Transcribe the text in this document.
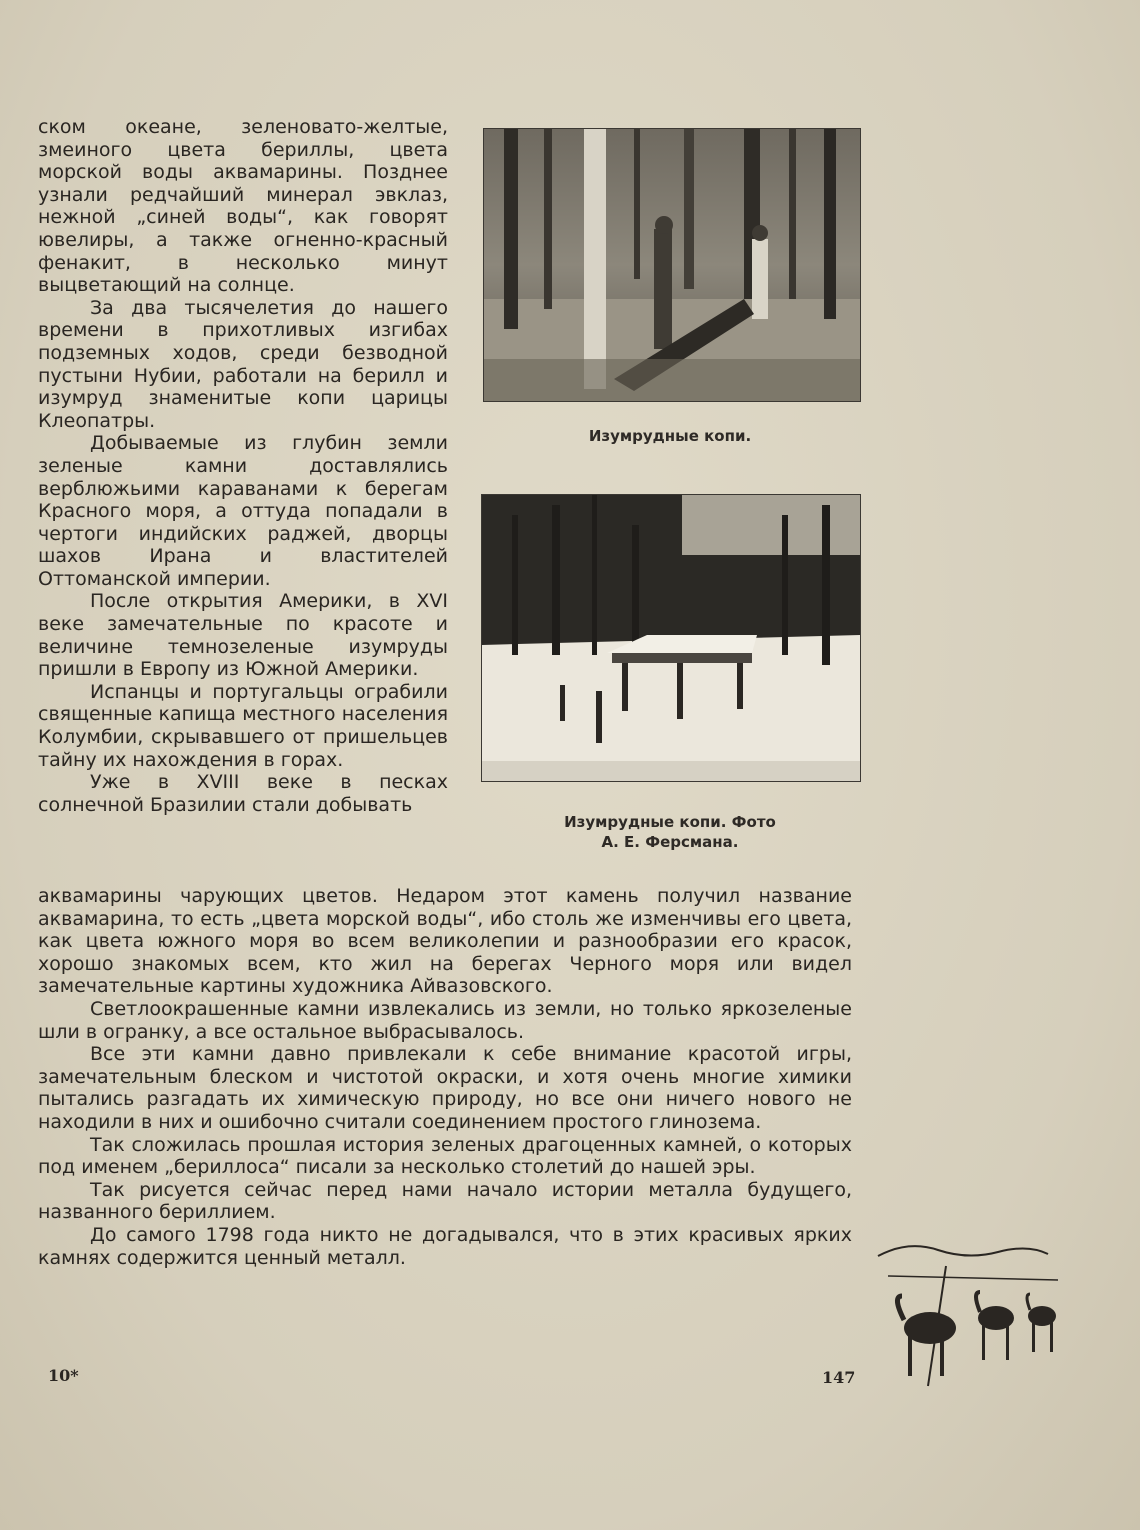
ском океане, зеленовато-желтые, змеиного цвета бериллы, цвета морской воды аквамарины. Позднее узнали редчайший минерал эвклаз, нежной „синей воды“, как говорят ювелиры, а также огненно-красный фенакит, в несколько минут выцветающий на солнце.

За два тысячелетия до нашего времени в прихотливых изгибах подземных ходов, среди безводной пустыни Нубии, работали на берилл и изумруд знаменитые копи царицы Клеопатры.

Добываемые из глубин земли зеленые камни доставлялись верблюжьими караванами к берегам Красного моря, а оттуда попадали в чертоги индийских раджей, дворцы шахов Ирана и властителей Оттоманской империи.

После открытия Америки, в XVI веке замечательные по красоте и величине темнозеленые изумруды пришли в Европу из Южной Америки.

Испанцы и португальцы ограбили священные капища местного населения Колумбии, скрывавшего от пришельцев тайну их нахождения в горах.

Уже в XVIII веке в песках солнечной Бразилии стали добывать

Изумрудные копи.
Изумрудные копи. Фото
А. Е. Ферсмана.

аквамарины чарующих цветов. Недаром этот камень получил название аквамарина, то есть „цвета морской воды“, ибо столь же изменчивы его цвета, как цвета южного моря во всем великолепии и разнообразии его красок, хорошо знакомых всем, кто жил на берегах Черного моря или видел замечательные картины художника Айвазовского.

Светлоокрашенные камни извлекались из земли, но только яркозеленые шли в огранку, а все остальное выбрасывалось.

Все эти камни давно привлекали к себе внимание красотой игры, замечательным блеском и чистотой окраски, и хотя очень многие химики пытались разгадать их химическую природу, но все они ничего нового не находили в них и ошибочно считали соединением простого глинозема.

Так сложилась прошлая история зеленых драгоценных камней, о которых под именем „бериллоса“ писали за несколько столетий до нашей эры.

Так рисуется сейчас перед нами начало истории металла будущего, названного бериллием.

До самого 1798 года никто не догадывался, что в этих красивых ярких камнях содержится ценный металл.

10*	147
